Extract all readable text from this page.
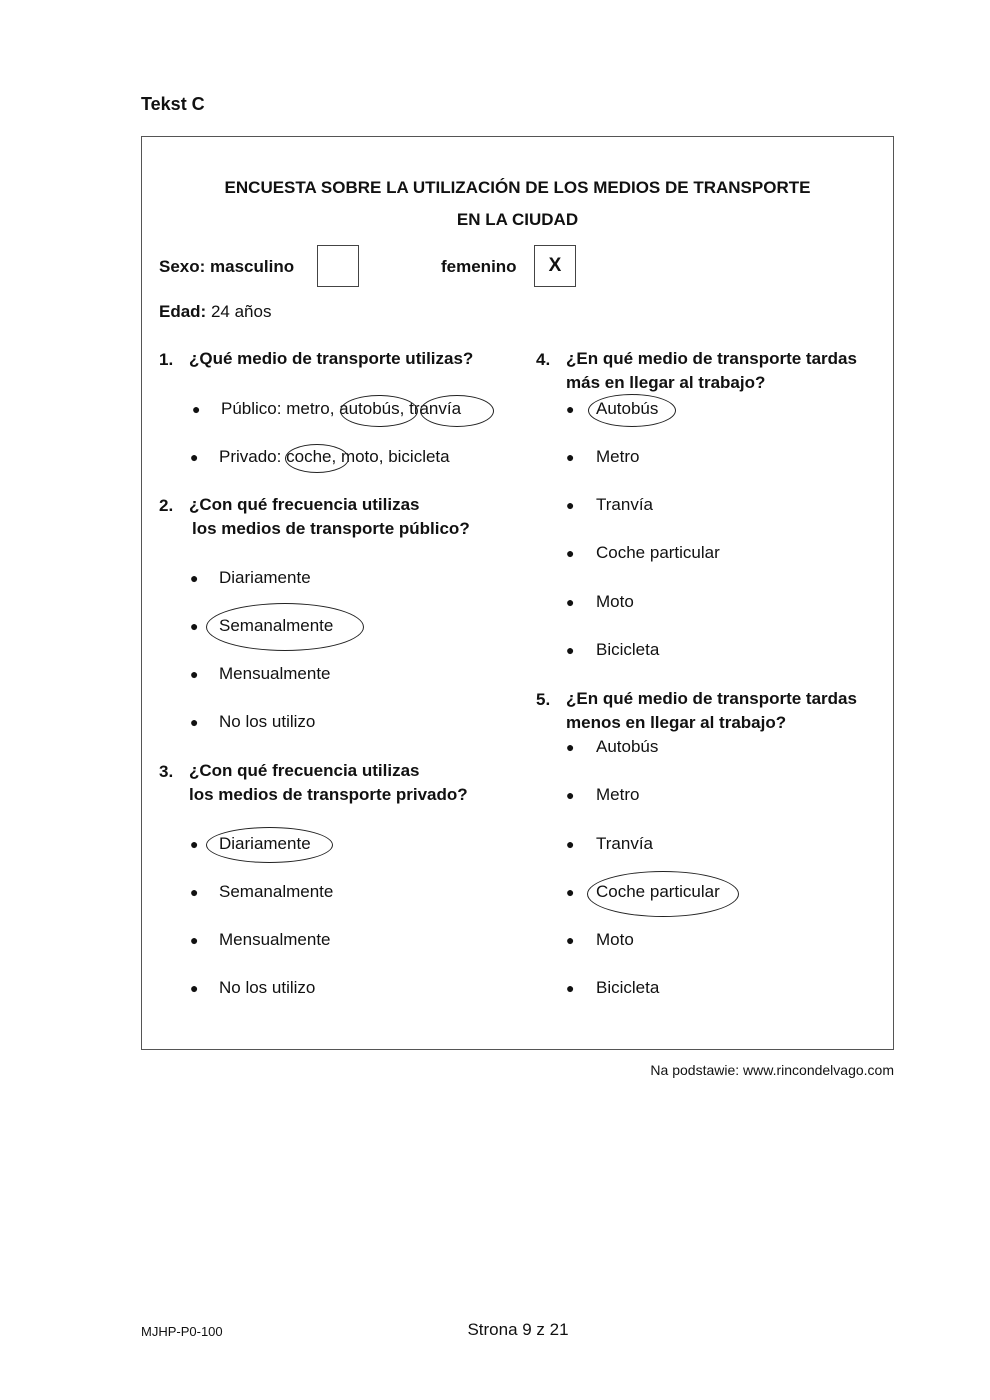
Tekst C
ENCUESTA SOBRE LA UTILIZACIÓN DE LOS MEDIOS DE TRANSPORTE
EN LA CIUDAD
Sexo: masculino	femenino	X
Edad: 24 años
1. ¿Qué medio de transporte utilizas?
● Público: metro, autobús, tranvía
● Privado: coche, moto, bicicleta
2. ¿Con qué frecuencia utilizas
los medios de transporte público?
● Diariamente
● Semanalmente
● Mensualmente
● No los utilizo
3. ¿Con qué frecuencia utilizas
los medios de transporte privado?
● Diariamente
● Semanalmente
● Mensualmente
● No los utilizo
4. ¿En qué medio de transporte tardas
más en llegar al trabajo?
● Autobús
● Metro
● Tranvía
● Coche particular
● Moto
● Bicicleta
5. ¿En qué medio de transporte tardas
menos en llegar al trabajo?
● Autobús
● Metro
● Tranvía
● Coche particular
● Moto
● Bicicleta
Na podstawie: www.rincondelvago.com
MJHP-P0-100	Strona 9 z 21
